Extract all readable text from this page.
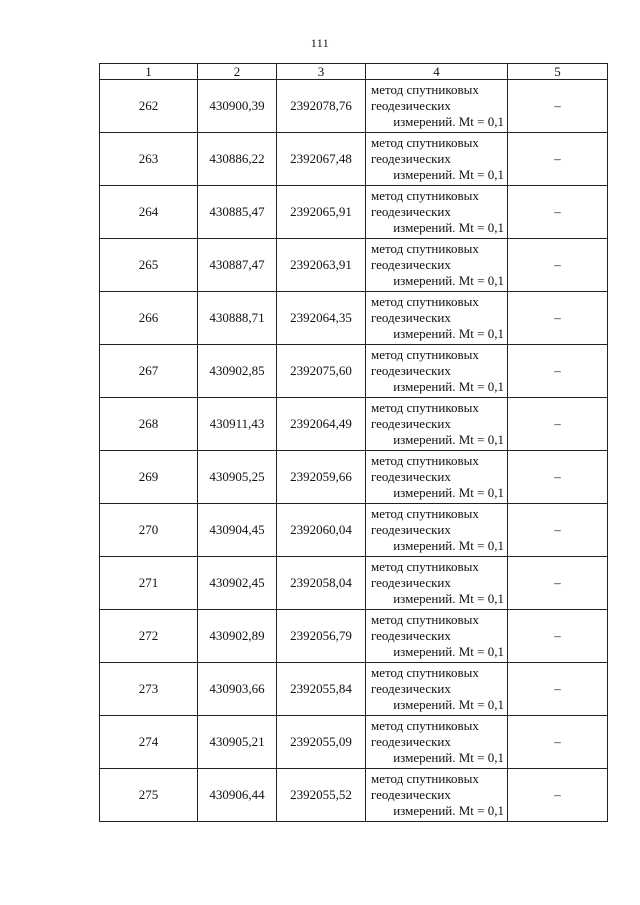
111
1	2	3	4	5
262	430900,39	2392078,76	метод спутниковых
геодезических
измерений. Mt = 0,1	–
263	430886,22	2392067,48	метод спутниковых
геодезических
измерений. Mt = 0,1	–
264	430885,47	2392065,91	метод спутниковых
геодезических
измерений. Mt = 0,1	–
265	430887,47	2392063,91	метод спутниковых
геодезических
измерений. Mt = 0,1	–
266	430888,71	2392064,35	метод спутниковых
геодезических
измерений. Mt = 0,1	–
267	430902,85	2392075,60	метод спутниковых
геодезических
измерений. Mt = 0,1	–
268	430911,43	2392064,49	метод спутниковых
геодезических
измерений. Mt = 0,1	–
269	430905,25	2392059,66	метод спутниковых
геодезических
измерений. Mt = 0,1	–
270	430904,45	2392060,04	метод спутниковых
геодезических
измерений. Mt = 0,1	–
271	430902,45	2392058,04	метод спутниковых
геодезических
измерений. Mt = 0,1	–
272	430902,89	2392056,79	метод спутниковых
геодезических
измерений. Mt = 0,1	–
273	430903,66	2392055,84	метод спутниковых
геодезических
измерений. Mt = 0,1	–
274	430905,21	2392055,09	метод спутниковых
геодезических
измерений. Mt = 0,1	–
275	430906,44	2392055,52	метод спутниковых
геодезических
измерений. Mt = 0,1	–
